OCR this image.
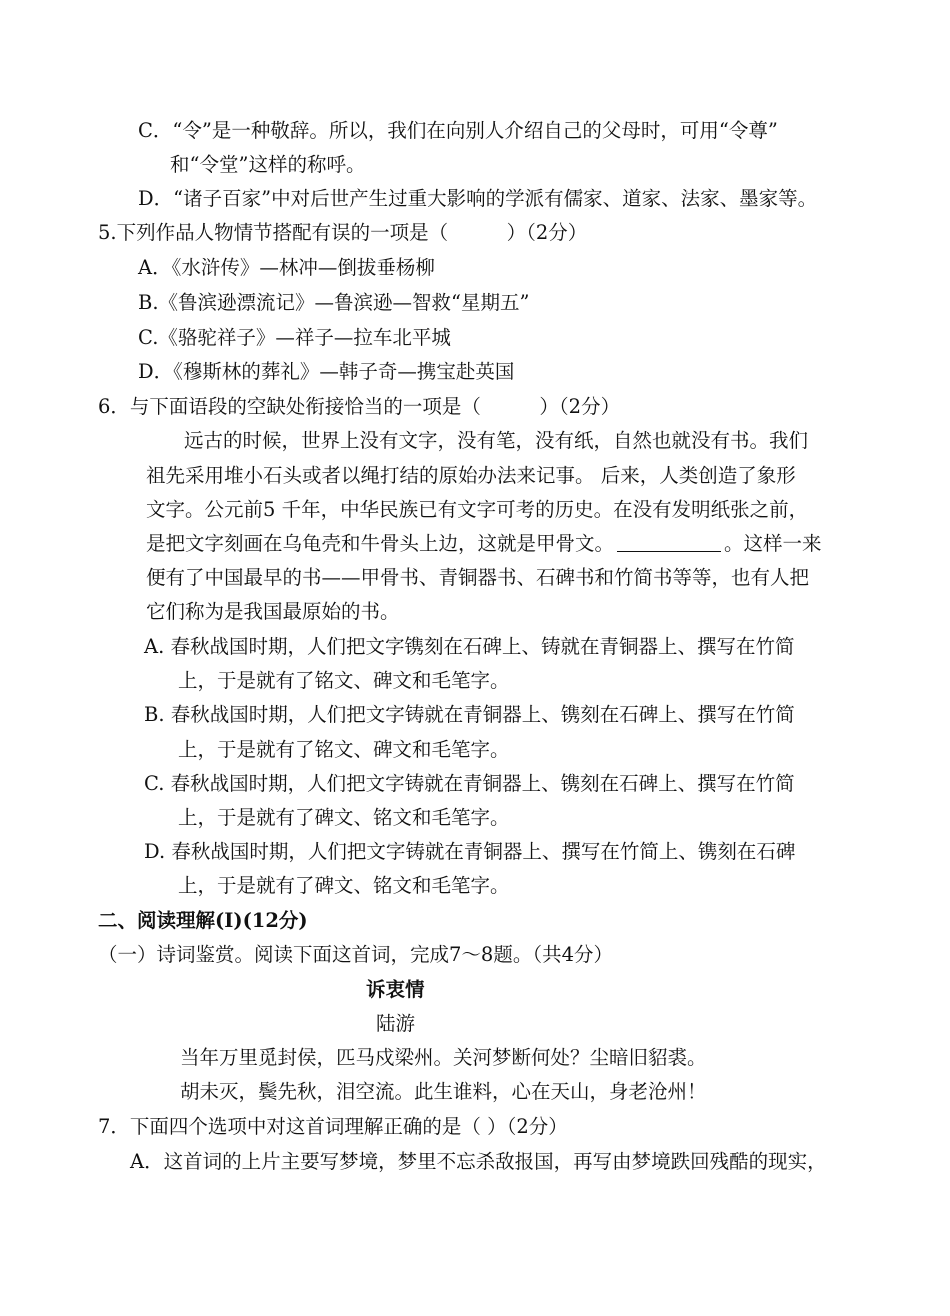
C．“令”是一种敬辞。所以，我们在向别人介绍自己的父母时，可用“令尊”
和“令堂”这样的称呼。
D．“诸子百家”中对后世产生过重大影响的学派有儒家、道家、法家、墨家等。
5.下列作品人物情节搭配有误的一项是（　　　）（2分）
A．《水浒传》—林冲—倒拔垂杨柳
B.《鲁滨逊漂流记》—鲁滨逊—智救“星期五”
C.《骆驼祥子》—祥子—拉车北平城
D．《穆斯林的葬礼》—韩子奇—携宝赴英国
6．与下面语段的空缺处衔接恰当的一项是（　　　）（2分）
远古的时候，世界上没有文字，没有笔，没有纸，自然也就没有书。我们
祖先采用堆小石头或者以绳打结的原始办法来记事。 后来，人类创造了象形
文字。公元前5 千年，中华民族已有文字可考的历史。在没有发明纸张之前，
是把文字刻画在乌龟壳和牛骨头上边，这就是甲骨文。	。这样一来
便有了中国最早的书——甲骨书、青铜器书、石碑书和竹简书等等，也有人把
它们称为是我国最原始的书。
A. 春秋战国时期，人们把文字镌刻在石碑上、铸就在青铜器上、撰写在竹简
上，于是就有了铭文、碑文和毛笔字。
B. 春秋战国时期，人们把文字铸就在青铜器上、镌刻在石碑上、撰写在竹简
上，于是就有了铭文、碑文和毛笔字。
C. 春秋战国时期，人们把文字铸就在青铜器上、镌刻在石碑上、撰写在竹简
上，于是就有了碑文、铭文和毛笔字。
D. 春秋战国时期，人们把文字铸就在青铜器上、撰写在竹简上、镌刻在石碑
上，于是就有了碑文、铭文和毛笔字。
二、阅读理解(Ⅰ)(12分)
（一）诗词鉴赏。阅读下面这首词，完成7～8题。（共4分）
诉衷情
陆游
当年万里觅封侯，匹马戍梁州。关河梦断何处？尘暗旧貂裘。
胡未灭，鬓先秋，泪空流。此生谁料，心在天山，身老沧州！
7．下面四个选项中对这首词理解正确的是（ ）（2分）
A．这首词的上片主要写梦境，梦里不忘杀敌报国，再写由梦境跌回残酷的现实，
